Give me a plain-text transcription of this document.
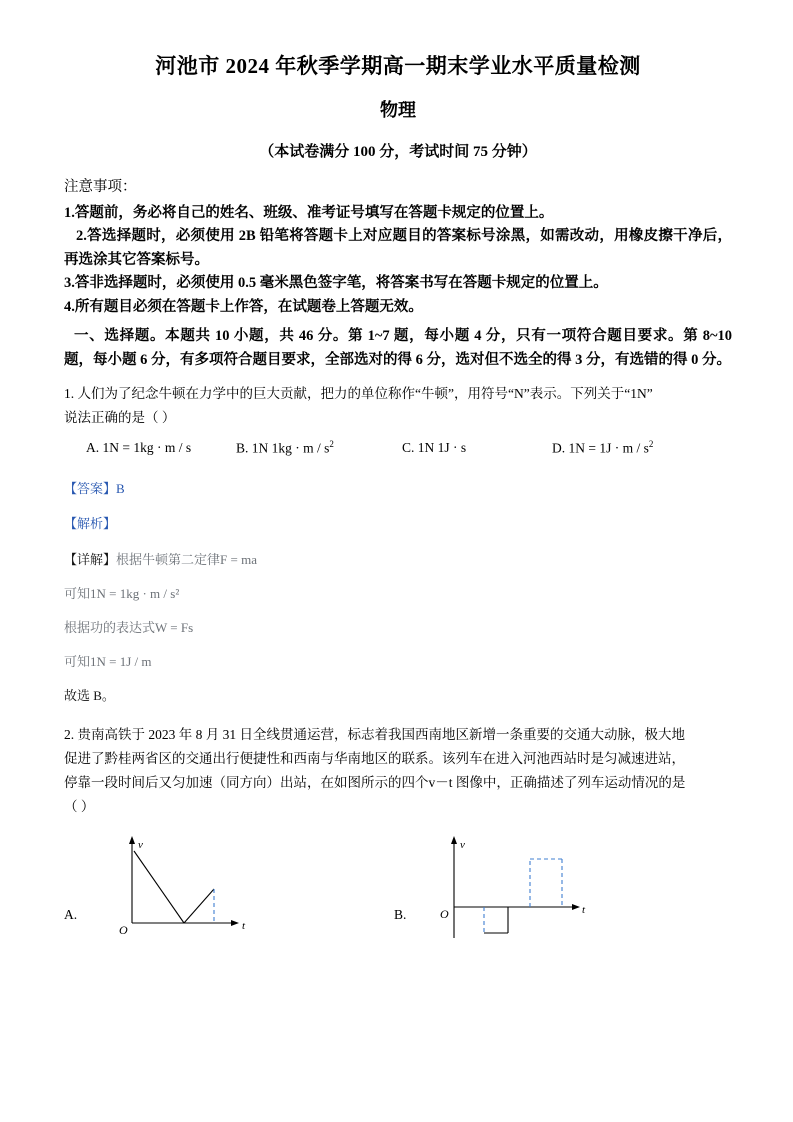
河池市 2024 年秋季学期高一期末学业水平质量检测
物理
（本试卷满分 100 分，考试时间 75 分钟）

注意事项：

1.答题前，务必将自己的姓名、班级、准考证号填写在答题卡规定的位置上。

2.答选择题时，必须使用 2B 铅笔将答题卡上对应题目的答案标号涂黑，如需改动，用橡皮擦干净后，再选涂其它答案标号。

3.答非选择题时，必须使用 0.5 毫米黑色签字笔，将答案书写在答题卡规定的位置上。

4.所有题目必须在答题卡上作答，在试题卷上答题无效。

一、选择题。本题共 10 小题，共 46 分。第 1~7 题，每小题 4 分，只有一项符合题目要求。第 8~10 题，每小题 6 分，有多项符合题目要求，全部选对的得 6 分，选对但不选全的得 3 分，有选错的得 0 分。

1. 人们为了纪念牛顿在力学中的巨大贡献，把力的单位称作“牛顿”，用符号“N”表示。下列关于“1N”

说法正确的是（ ）

A. 1N = 1kg · m / s	B. 1N $1kg \cdot m / s^2$	C. 1N 1J · s	D. $1N = 1J \cdot m / s^2$

【答案】B

【解析】

【详解】根据牛顿第二定律F = ma

可知1N = 1kg · m / s²

根据功的表达式W = Fs

可知1N = 1J / m

故选 B。

2. 贵南高铁于 2023 年 8 月 31 日全线贯通运营，标志着我国西南地区新增一条重要的交通大动脉，极大地

促进了黔桂两省区的交通出行便捷性和西南与华南地区的联系。该列车在进入河池西站时是匀减速进站，

停靠一段时间后又匀加速（同方向）出站，在如图所示的四个v－t 图像中，正确描述了列车运动情况的是

（ ）

A.
v
O	t
B.
v
O	t
